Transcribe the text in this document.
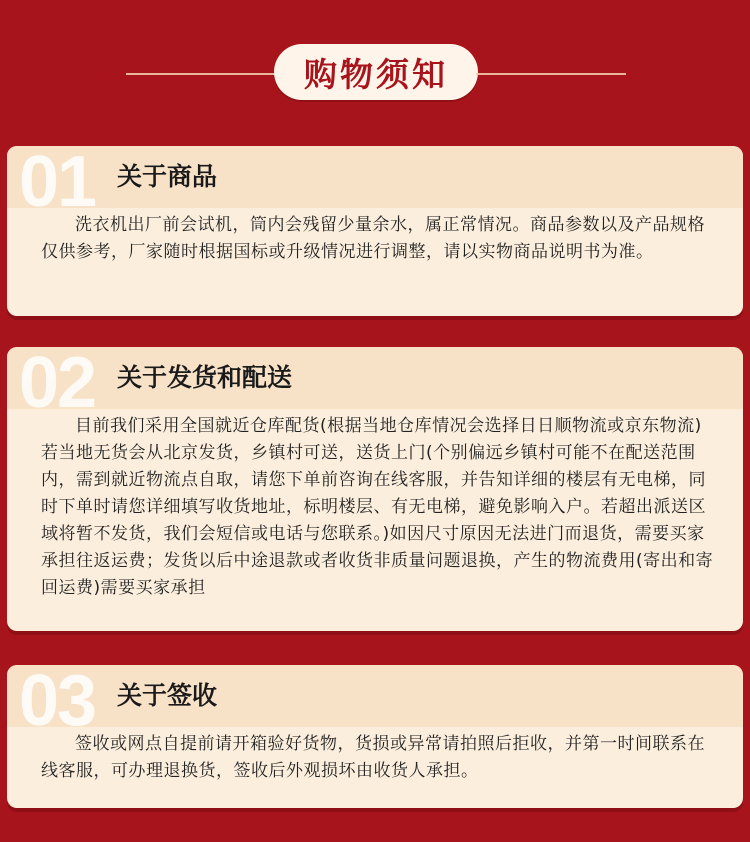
购物须知
01 关于商品
洗衣机出厂前会试机，筒内会残留少量余水，属正常情况。商品参数以及产品规格仅供参考，厂家随时根据国标或升级情况进行调整，请以实物商品说明书为准。
02 关于发货和配送
目前我们采用全国就近仓库配货(根据当地仓库情况会选择日日顺物流或京东物流)若当地无货会从北京发货，乡镇村可送，送货上门(个别偏远乡镇村可能不在配送范围内，需到就近物流点自取，请您下单前咨询在线客服，并告知详细的楼层有无电梯，同时下单时请您详细填写收货地址，标明楼层、有无电梯，避免影响入户。若超出派送区域将暂不发货，我们会短信或电话与您联系。)如因尺寸原因无法进门而退货，需要买家承担往返运费；发货以后中途退款或者收货非质量问题退换，产生的物流费用(寄出和寄回运费)需要买家承担
03 关于签收
签收或网点自提前请开箱验好货物，货损或异常请拍照后拒收，并第一时间联系在线客服，可办理退换货，签收后外观损坏由收货人承担。
